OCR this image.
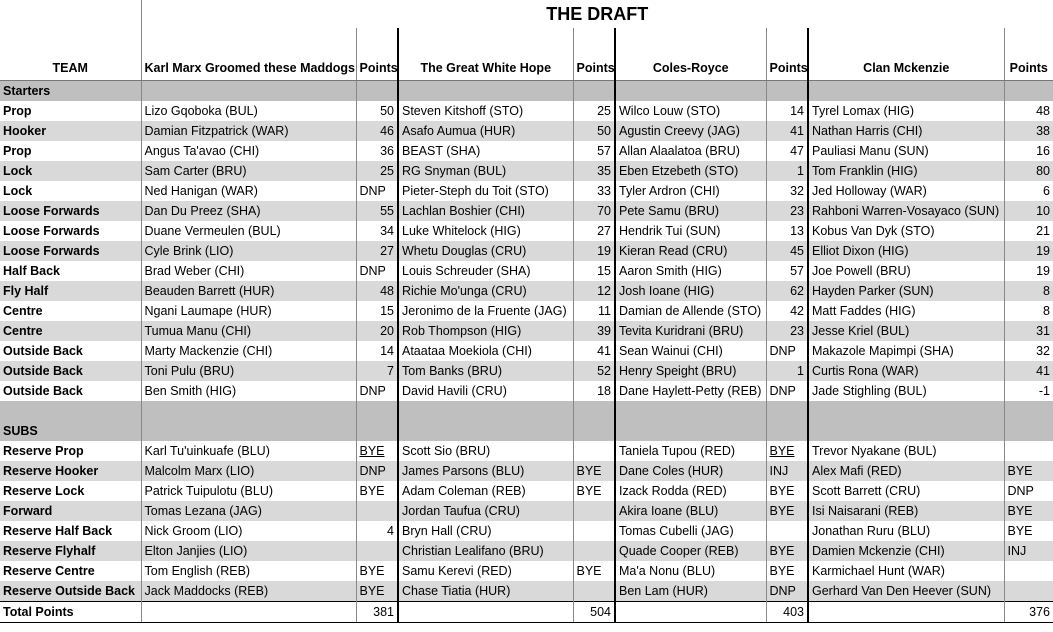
	THE DRAFT							
TEAM	Karl Marx Groomed these Maddogs	Points	The Great White Hope	Points	Coles-Royce	Points	Clan Mckenzie	Points
Starters								
Prop	Lizo Gqoboka (BUL)	50	Steven Kitshoff (STO)	25	Wilco Louw (STO)	14	Tyrel Lomax (HIG)	48
Hooker	Damian Fitzpatrick (WAR)	46	Asafo Aumua (HUR)	50	Agustin Creevy (JAG)	41	Nathan Harris (CHI)	38
Prop	Angus Ta'avao (CHI)	36	BEAST (SHA)	57	Allan Alaalatoa (BRU)	47	Pauliasi Manu (SUN)	16
Lock	Sam Carter (BRU)	25	RG Snyman (BUL)	35	Eben Etzebeth (STO)	1	Tom Franklin (HIG)	80
Lock	Ned Hanigan (WAR)	DNP	Pieter-Steph du Toit (STO)	33	Tyler Ardron (CHI)	32	Jed Holloway (WAR)	6
Loose Forwards	Dan Du Preez (SHA)	55	Lachlan Boshier (CHI)	70	Pete Samu (BRU)	23	Rahboni Warren-Vosayaco (SUN)	10
Loose Forwards	Duane Vermeulen (BUL)	34	Luke Whitelock (HIG)	27	Hendrik Tui (SUN)	13	Kobus Van Dyk (STO)	21
Loose Forwards	Cyle Brink (LIO)	27	Whetu Douglas (CRU)	19	Kieran Read (CRU)	45	Elliot Dixon (HIG)	19
Half Back	Brad Weber (CHI)	DNP	Louis Schreuder (SHA)	15	Aaron Smith (HIG)	57	Joe Powell (BRU)	19
Fly Half	Beauden Barrett (HUR)	48	Richie Mo'unga (CRU)	12	Josh Ioane (HIG)	62	Hayden Parker (SUN)	8
Centre	Ngani Laumape (HUR)	15	Jeronimo de la Fruente (JAG)	11	Damian de Allende (STO)	42	Matt Faddes (HIG)	8
Centre	Tumua Manu (CHI)	20	Rob Thompson (HIG)	39	Tevita Kuridrani (BRU)	23	Jesse Kriel (BUL)	31
Outside Back	Marty Mackenzie (CHI)	14	Atаataa Moekiola (CHI)	41	Sean Wainui (CHI)	DNP	Makazole Mapimpi (SHA)	32
Outside Back	Toni Pulu (BRU)	7	Tom Banks (BRU)	52	Henry Speight (BRU)	1	Curtis Rona (WAR)	41
Outside Back	Ben Smith (HIG)	DNP	David Havili (CRU)	18	Dane Haylett-Petty (REB)	DNP	Jade Stighling (BUL)	-1

SUBS								
Reserve Prop	Karl Tu'uinkuafe (BLU)	BYE	Scott Sio (BRU)		Taniela Tupou (RED)	BYE	Trevor Nyakane (BUL)	
Reserve Hooker	Malcolm Marx (LIO)	DNP	James Parsons (BLU)	BYE	Dane Coles (HUR)	INJ	Alex Mafi (RED)	BYE
Reserve Lock	Patrick Tuipulotu (BLU)	BYE	Adam Coleman (REB)	BYE	Izack Rodda (RED)	BYE	Scott Barrett (CRU)	DNP
Forward	Tomas Lezana (JAG)		Jordan Taufua (CRU)		Akira Ioane (BLU)	BYE	Isi Naisarani (REB)	BYE
Reserve Half Back	Nick Groom (LIO)	4	Bryn Hall (CRU)		Tomas Cubelli (JAG)		Jonathan Ruru (BLU)	BYE
Reserve Flyhalf	Elton Janjies (LIO)		Christian Lealifano (BRU)		Quade Cooper (REB)	BYE	Damien Mckenzie (CHI)	INJ
Reserve Centre	Tom English (REB)	BYE	Samu Kerevi (RED)	BYE	Ma'a Nonu (BLU)	BYE	Karmichael Hunt (WAR)	
Reserve Outside Back	Jack Maddocks (REB)	BYE	Chase Tiatia (HUR)		Ben Lam (HUR)	DNP	Gerhard Van Den Heever (SUN)	
Total Points		381		504		403		376
